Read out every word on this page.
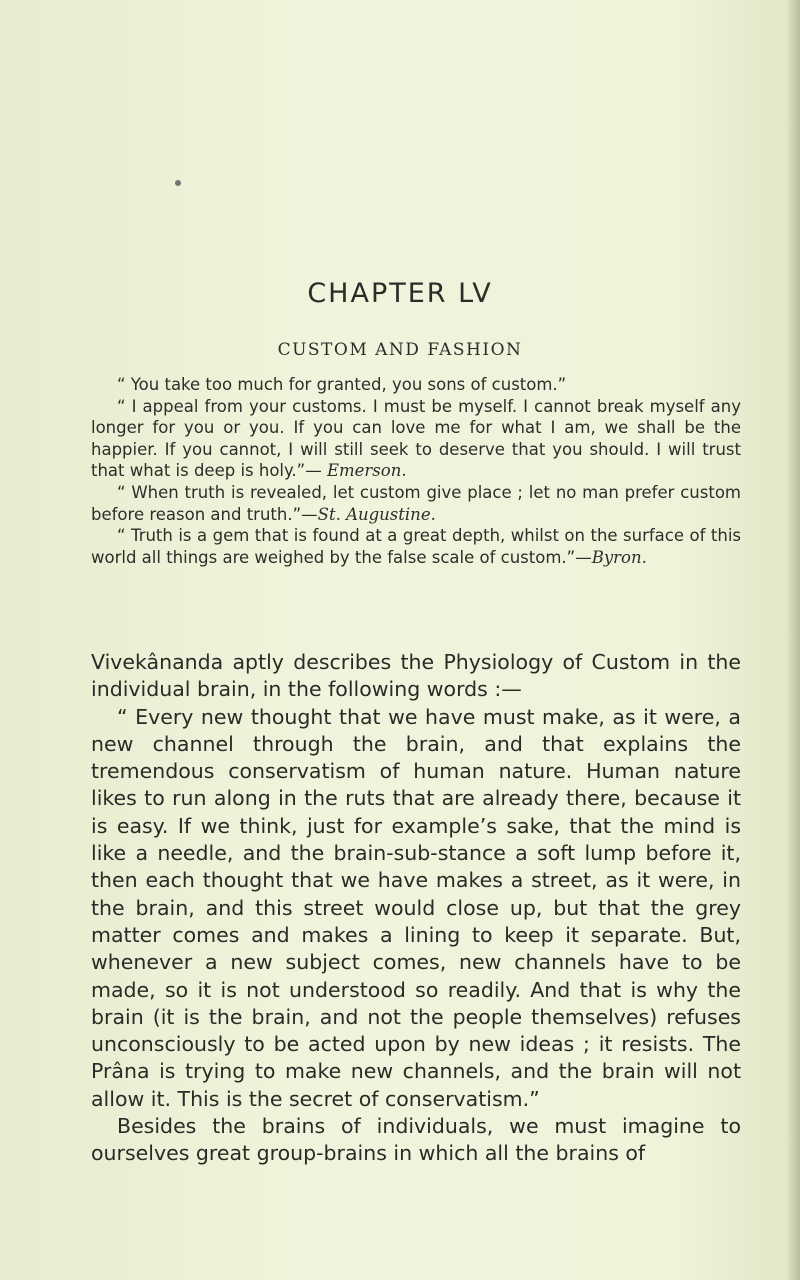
CHAPTER LV
CUSTOM AND FASHION

“ You take too much for granted, you sons of custom.”

“ I appeal from your customs. I must be myself. I cannot break myself any longer for you or you. If you can love me for what I am, we shall be the happier. If you cannot, I will still seek to deserve that you should. I will trust that what is deep is holy.”— Emerson.

“ When truth is revealed, let custom give place ; let no man prefer custom before reason and truth.”—St. Augustine.

“ Truth is a gem that is found at a great depth, whilst on the surface of this world all things are weighed by the false scale of custom.”—Byron.

Vivekânanda aptly describes the Physiology of Custom in the individual brain, in the following words :—

“ Every new thought that we have must make, as it were, a new channel through the brain, and that explains the tremendous conservatism of human nature. Human nature likes to run along in the ruts that are already there, because it is easy. If we think, just for example’s sake, that the mind is like a needle, and the brain-sub-stance a soft lump before it, then each thought that we have makes a street, as it were, in the brain, and this street would close up, but that the grey matter comes and makes a lining to keep it separate. But, whenever a new subject comes, new channels have to be made, so it is not understood so readily. And that is why the brain (it is the brain, and not the people themselves) refuses unconsciously to be acted upon by new ideas ; it resists. The Prâna is trying to make new channels, and the brain will not allow it. This is the secret of conservatism.”

Besides the brains of individuals, we must imagine to ourselves great group-brains in which all the brains of
